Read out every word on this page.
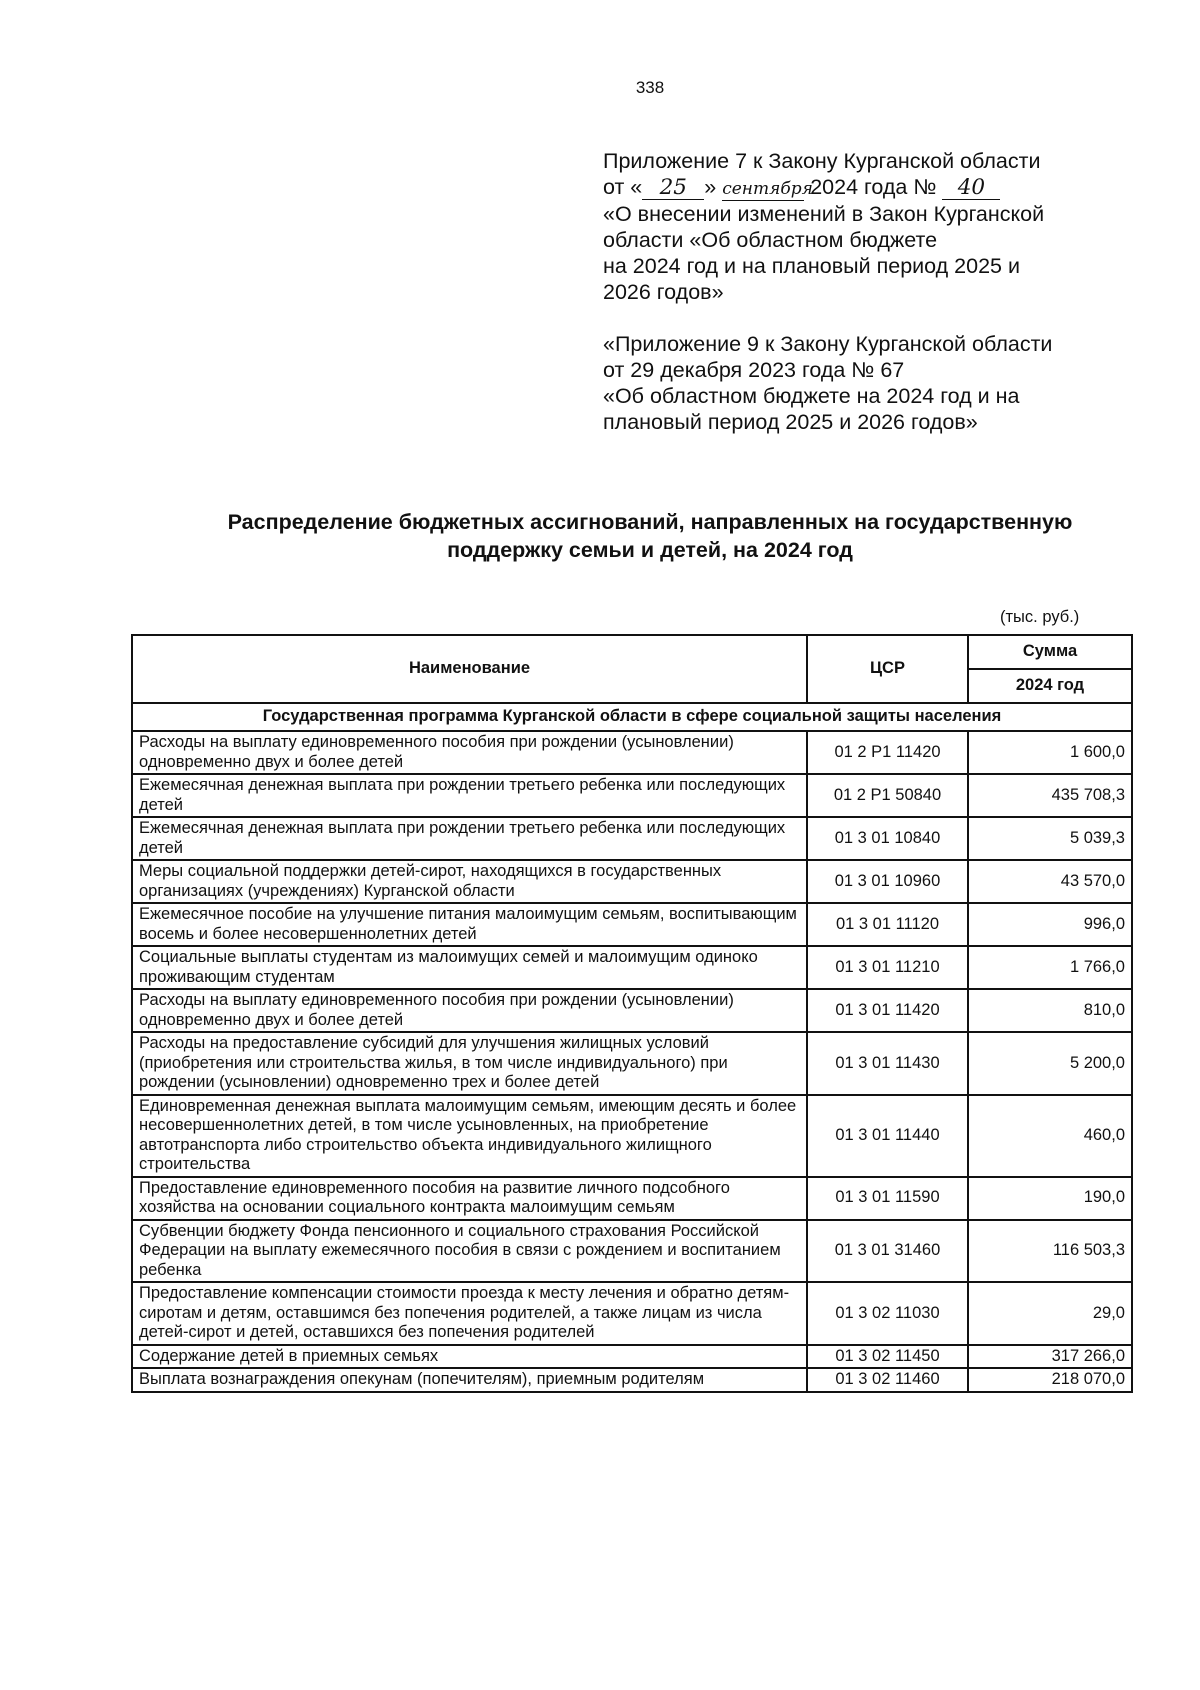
338
Приложение 7 к Закону Курганской области
от « 25 » сентября 2024 года № 40
«О внесении изменений в Закон Курганской
области «Об областном бюджете
на 2024 год и на плановый период 2025 и
2026 годов»
«Приложение 9 к Закону Курганской области
от 29 декабря 2023 года № 67
«Об областном бюджете на 2024 год и на
плановый период 2025 и 2026 годов»
Распределение бюджетных ассигнований, направленных на государственную
поддержку семьи и детей, на 2024 год
(тыс. руб.)
Наименование	ЦСР	Сумма
		2024 год
Государственная программа Курганской области в сфере социальной защиты населения		
Расходы на выплату единовременного пособия при рождении (усыновлении) одновременно двух и более детей	01 2 Р1 11420	1 600,0
Ежемесячная денежная выплата при рождении третьего ребенка или последующих детей	01 2 Р1 50840	435 708,3
Ежемесячная денежная выплата при рождении третьего ребенка или последующих детей	01 3 01 10840	5 039,3
Меры социальной поддержки детей-сирот, находящихся в государственных организациях (учреждениях) Курганской области	01 3 01 10960	43 570,0
Ежемесячное пособие на улучшение питания малоимущим семьям, воспитывающим восемь и более несовершеннолетних детей	01 3 01 11120	996,0
Социальные выплаты студентам из малоимущих семей и малоимущим одиноко проживающим студентам	01 3 01 11210	1 766,0
Расходы на выплату единовременного пособия при рождении (усыновлении) одновременно двух и более детей	01 3 01 11420	810,0
Расходы на предоставление субсидий для улучшения жилищных условий (приобретения или строительства жилья, в том числе индивидуального) при рождении (усыновлении) одновременно трех и более детей	01 3 01 11430	5 200,0
Единовременная денежная выплата малоимущим семьям, имеющим десять и более несовершеннолетних детей, в том числе усыновленных, на приобретение автотранспорта либо строительство объекта индивидуального жилищного строительства	01 3 01 11440	460,0
Предоставление единовременного пособия на развитие личного подсобного хозяйства на основании социального контракта малоимущим семьям	01 3 01 11590	190,0
Субвенции бюджету Фонда пенсионного и социального страхования Российской Федерации на выплату ежемесячного пособия в связи с рождением и воспитанием ребенка	01 3 01 31460	116 503,3
Предоставление компенсации стоимости проезда к месту лечения и обратно детям-сиротам и детям, оставшимся без попечения родителей, а также лицам из числа детей-сирот и детей, оставшихся без попечения родителей	01 3 02 11030	29,0
Содержание детей в приемных семьях	01 3 02 11450	317 266,0
Выплата вознаграждения опекунам (попечителям), приемным родителям	01 3 02 11460	218 070,0
